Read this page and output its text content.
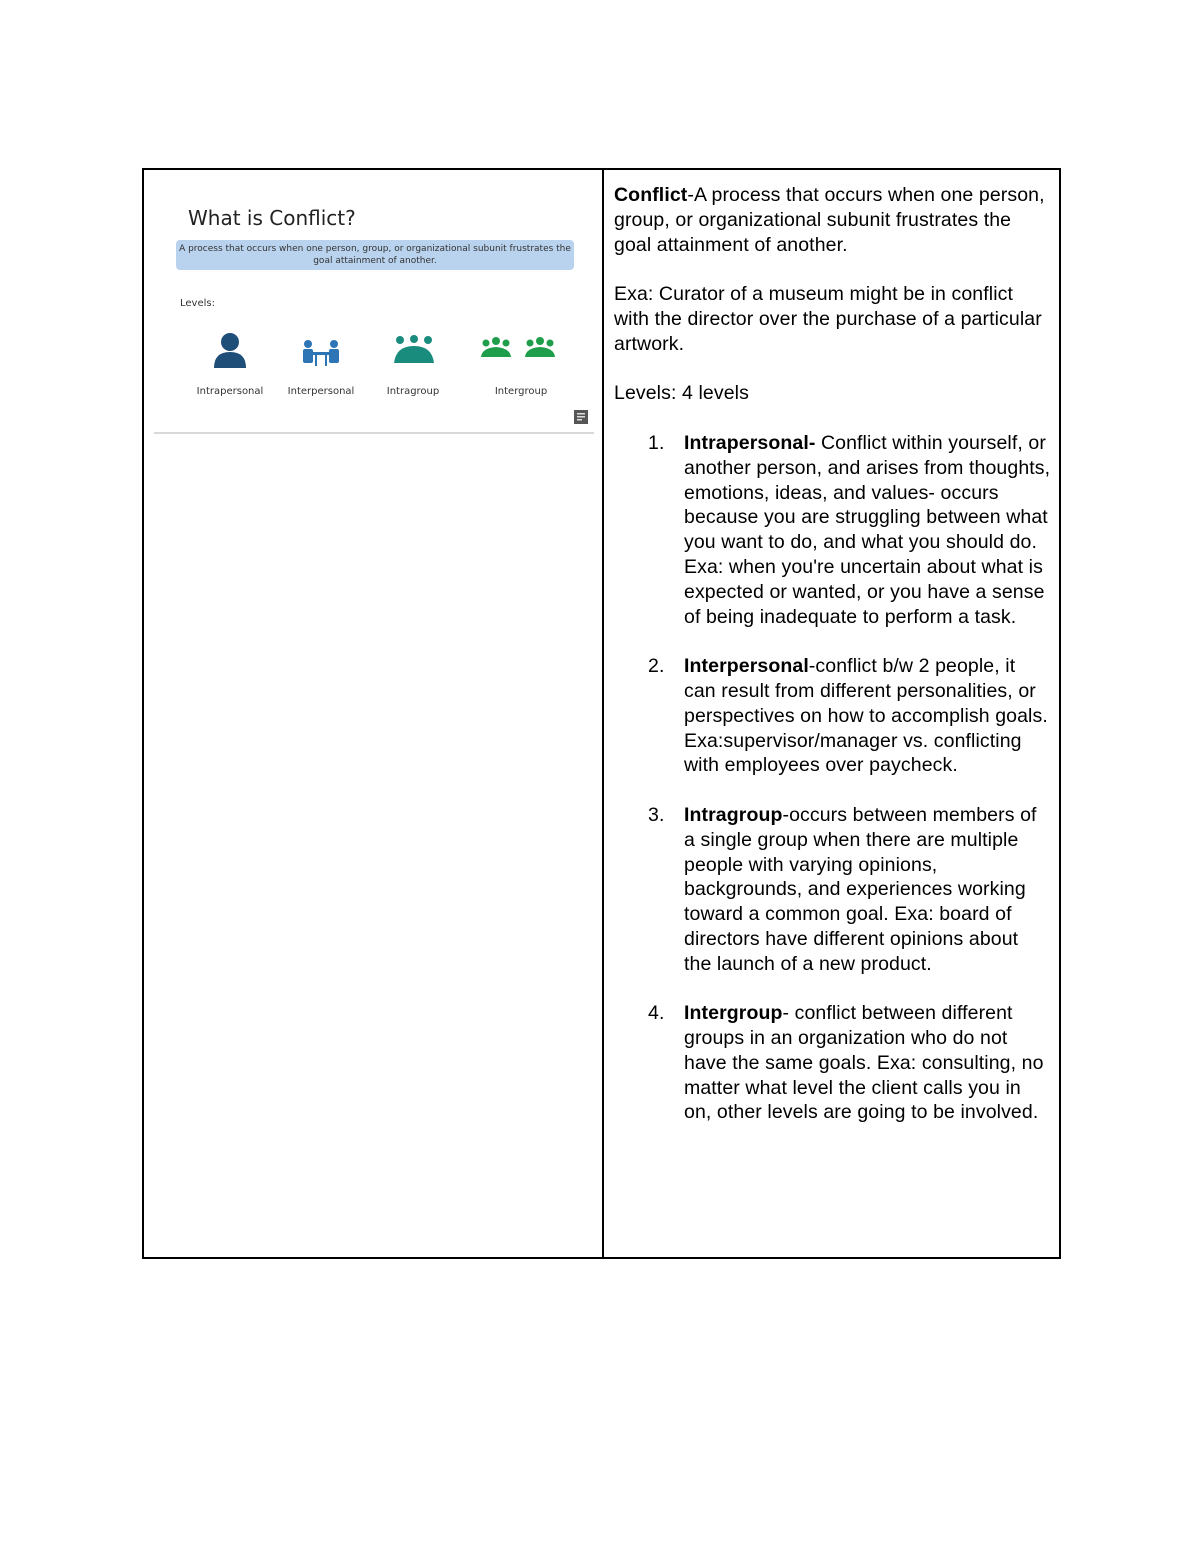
What is Conflict?
A process that occurs when one person, group, or organizational subunit frustrates the goal attainment of another.
Levels:
Intrapersonal	Interpersonal	Intragroup	Intergroup

Conflict-A process that occurs when one person, group, or organizational subunit frustrates the goal attainment of another.

Exa: Curator of a museum might be in conflict with the director over the purchase of a particular artwork.

Levels: 4 levels

1. Intrapersonal- Conflict within yourself, or another person, and arises from thoughts, emotions, ideas, and values- occurs because you are struggling between what you want to do, and what you should do. Exa: when you're uncertain about what is expected or wanted, or you have a sense of being inadequate to perform a task.
2. Interpersonal-conflict b/w 2 people, it can result from different personalities, or perspectives on how to accomplish goals. Exa:supervisor/manager vs. conflicting with employees over paycheck.
3. Intragroup-occurs between members of a single group when there are multiple people with varying opinions, backgrounds, and experiences working toward a common goal. Exa: board of directors have different opinions about the launch of a new product.
4. Intergroup- conflict between different groups in an organization who do not have the same goals. Exa: consulting, no matter what level the client calls you in on, other levels are going to be involved.
